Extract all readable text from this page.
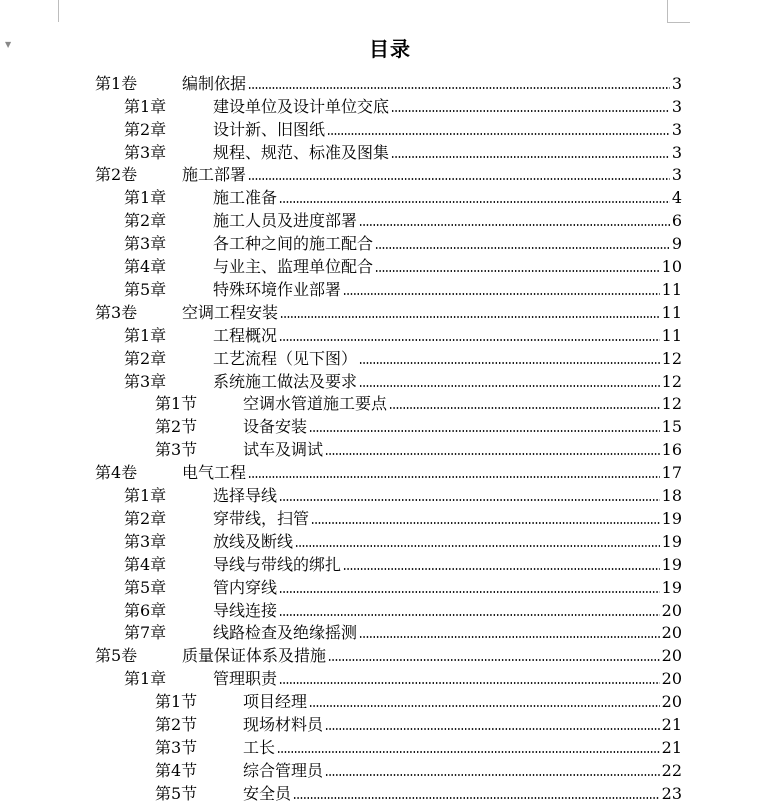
▼	目录
第1卷	编制依据	3
第1章	建设单位及设计单位交底	3
第2章	设计新、旧图纸	3
第3章	规程、规范、标准及图集	3
第2卷	施工部署	3
第1章	施工准备	4
第2章	施工人员及进度部署	6
第3章	各工种之间的施工配合	9
第4章	与业主、监理单位配合	10
第5章	特殊环境作业部署	11
第3卷	空调工程安装	11
第1章	工程概况	11
第2章	工艺流程（见下图）	12
第3章	系统施工做法及要求	12
第1节	空调水管道施工要点	12
第2节	设备安装	15
第3节	试车及调试	16
第4卷	电气工程	17
第1章	选择导线	18
第2章	穿带线，扫管	19
第3章	放线及断线	19
第4章	导线与带线的绑扎	19
第5章	管内穿线	19
第6章	导线连接	20
第7章	线路检查及绝缘摇测	20
第5卷	质量保证体系及措施	20
第1章	管理职责	20
第1节	项目经理	20
第2节	现场材料员	21
第3节	工长	21
第4节	综合管理员	22
第5节	安全员	23
